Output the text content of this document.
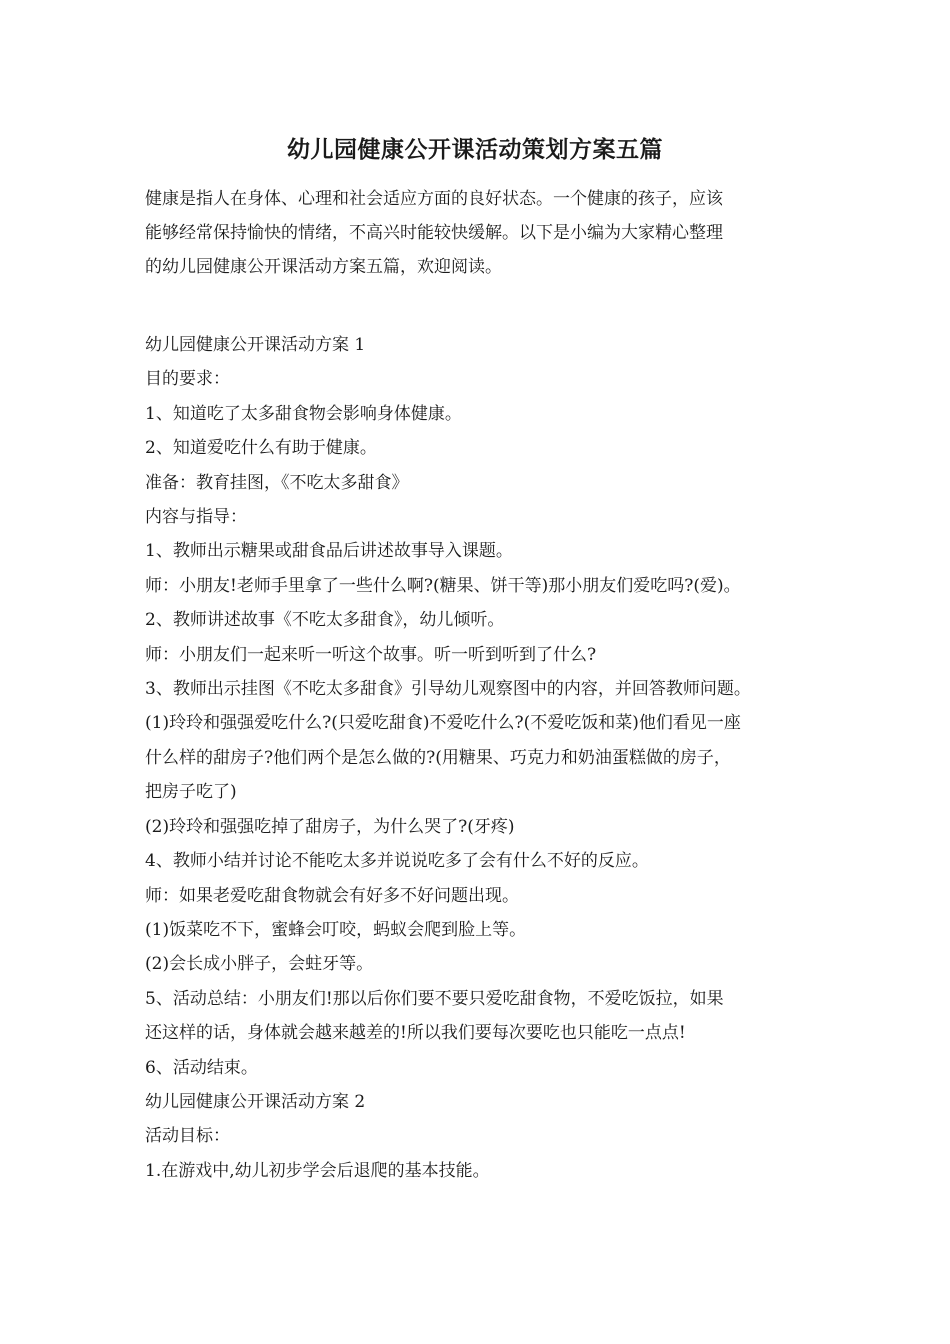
幼儿园健康公开课活动策划方案五篇

健康是指人在身体、心理和社会适应方面的良好状态。一个健康的孩子，应该

能够经常保持愉快的情绪，不高兴时能较快缓解。以下是小编为大家精心整理

的幼儿园健康公开课活动方案五篇，欢迎阅读。

幼儿园健康公开课活动方案 1

目的要求：

1、知道吃了太多甜食物会影响身体健康。

2、知道爱吃什么有助于健康。

准备：教育挂图，《不吃太多甜食》

内容与指导：

1、教师出示糖果或甜食品后讲述故事导入课题。

师：小朋友!老师手里拿了一些什么啊?(糖果、饼干等)那小朋友们爱吃吗?(爱)。

2、教师讲述故事《不吃太多甜食》，幼儿倾听。

师：小朋友们一起来听一听这个故事。听一听到听到了什么?

3、教师出示挂图《不吃太多甜食》引导幼儿观察图中的内容，并回答教师问题。

(1)玲玲和强强爱吃什么?(只爱吃甜食)不爱吃什么?(不爱吃饭和菜)他们看见一座

什么样的甜房子?他们两个是怎么做的?(用糖果、巧克力和奶油蛋糕做的房子，

把房子吃了)

(2)玲玲和强强吃掉了甜房子，为什么哭了?(牙疼)

4、教师小结并讨论不能吃太多并说说吃多了会有什么不好的反应。

师：如果老爱吃甜食物就会有好多不好问题出现。

(1)饭菜吃不下，蜜蜂会叮咬，蚂蚁会爬到脸上等。

(2)会长成小胖子，会蛀牙等。

5、活动总结：小朋友们!那以后你们要不要只爱吃甜食物，不爱吃饭拉，如果

还这样的话，身体就会越来越差的!所以我们要每次要吃也只能吃一点点!

6、活动结束。

幼儿园健康公开课活动方案 2

活动目标：

1.在游戏中,幼儿初步学会后退爬的基本技能。
